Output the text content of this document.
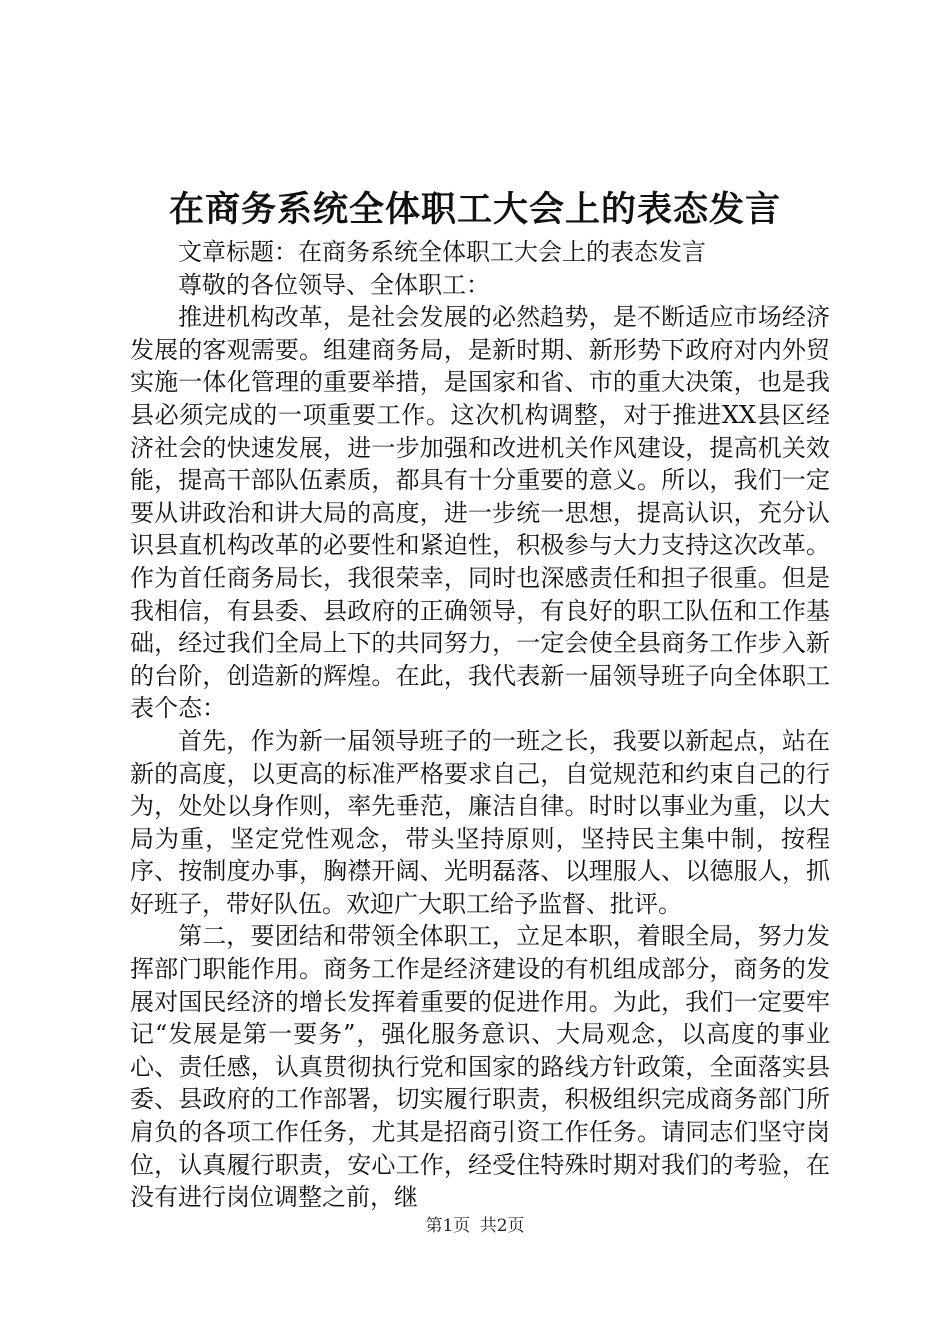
在商务系统全体职工大会上的表态发言

文章标题：在商务系统全体职工大会上的表态发言

尊敬的各位领导、全体职工：

推进机构改革，是社会发展的必然趋势，是不断适应市场经济发展的客观需要。组建商务局，是新时期、新形势下政府对内外贸实施一体化管理的重要举措，是国家和省、市的重大决策，也是我县必须完成的一项重要工作。这次机构调整，对于推进XX县区经济社会的快速发展，进一步加强和改进机关作风建设，提高机关效能，提高干部队伍素质，都具有十分重要的意义。所以，我们一定要从讲政治和讲大局的高度，进一步统一思想，提高认识，充分认识县直机构改革的必要性和紧迫性，积极参与大力支持这次改革。作为首任商务局长，我很荣幸，同时也深感责任和担子很重。但是我相信，有县委、县政府的正确领导，有良好的职工队伍和工作基础，经过我们全局上下的共同努力，一定会使全县商务工作步入新的台阶，创造新的辉煌。在此，我代表新一届领导班子向全体职工表个态：

首先，作为新一届领导班子的一班之长，我要以新起点，站在新的高度，以更高的标准严格要求自己，自觉规范和约束自己的行为，处处以身作则，率先垂范，廉洁自律。时时以事业为重，以大局为重，坚定党性观念，带头坚持原则，坚持民主集中制，按程序、按制度办事，胸襟开阔、光明磊落、以理服人、以德服人，抓好班子，带好队伍。欢迎广大职工给予监督、批评。

第二，要团结和带领全体职工，立足本职，着眼全局，努力发挥部门职能作用。商务工作是经济建设的有机组成部分，商务的发展对国民经济的增长发挥着重要的促进作用。为此，我们一定要牢记“发展是第一要务”，强化服务意识、大局观念，以高度的事业心、责任感，认真贯彻执行党和国家的路线方针政策，全面落实县委、县政府的工作部署，切实履行职责，积极组织完成商务部门所肩负的各项工作任务，尤其是招商引资工作任务。请同志们坚守岗位，认真履行职责，安心工作，经受住特殊时期对我们的考验，在没有进行岗位调整之前，继

第1页 共2页
